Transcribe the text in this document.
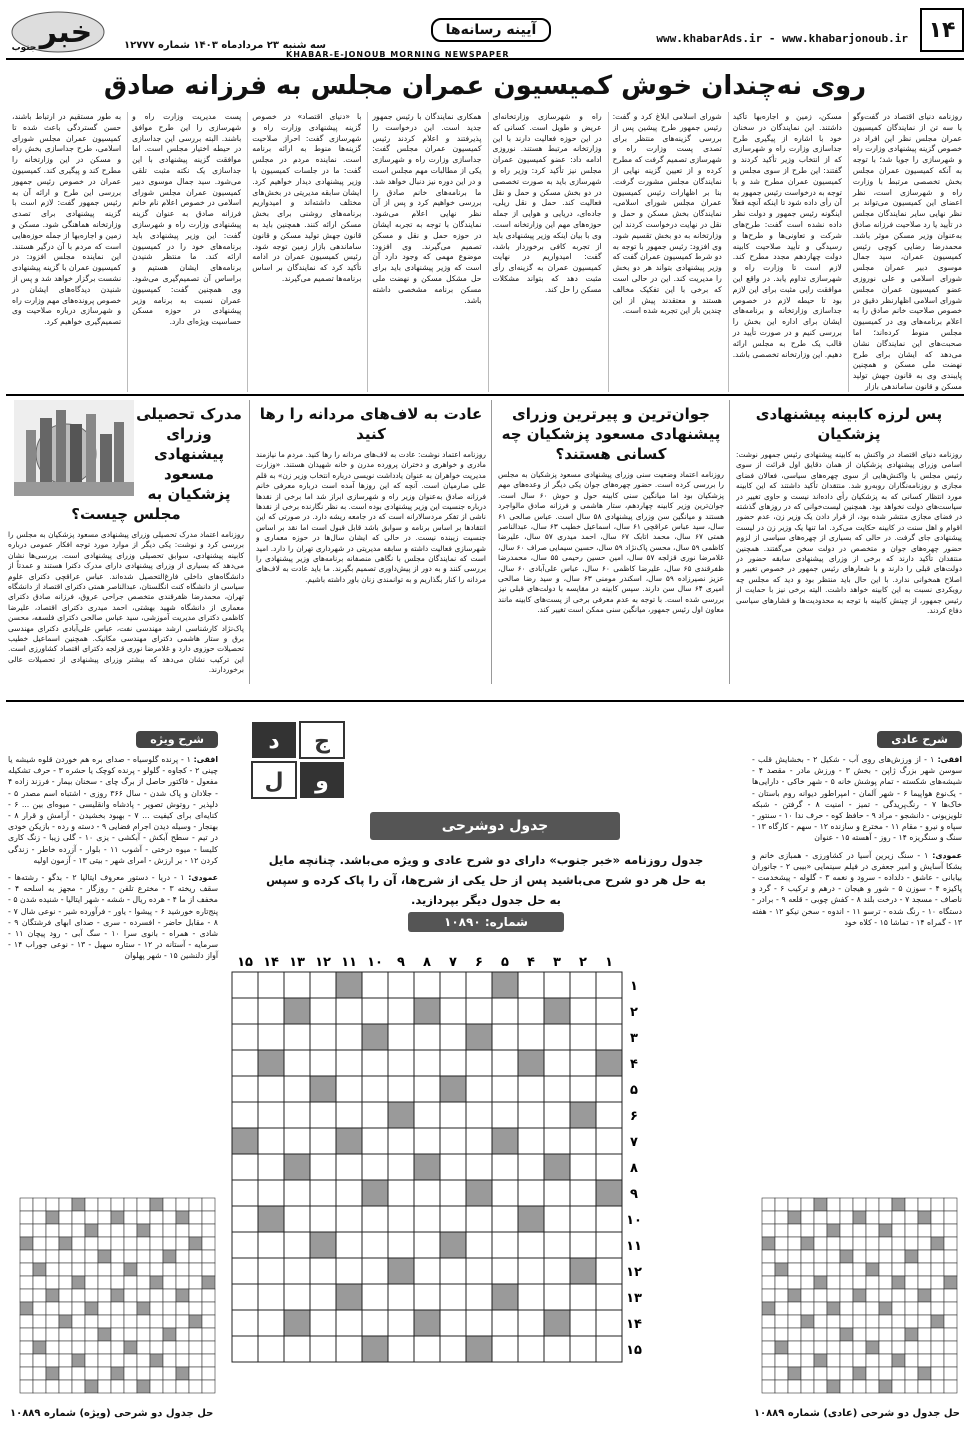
۱۴
www.khabarAds.ir - www.khabarjonoub.ir
آیینه رسانه‌ها
سه شنبه ۲۳ مردادماه ۱۴۰۳ شماره ۱۲۷۷۷
KHABAR-E-JONOUB MORNING NEWSPAPER
خبر
جنوب
روی نه‌چندان خوش کمیسیون عمران مجلس به فرزانه صادق
روزنامه دنیای اقتصاد در گفت‌وگو با سه تن از نمایندگان کمیسیون عمران مجلس نظر این افراد در خصوص گزینه پیشنهادی وزارت راه و شهرسازی را جویا شد؛ با توجه به آنکه کمیسیون عمران مجلس بخش تخصصی مرتبط با وزارت راه و شهرسازی است، نظر اعضای این کمیسیون می‌تواند بر نظر نهایی سایر نمایندگان مجلس در تأیید یا رد صلاحیت فرزانه صادق به‌عنوان وزیر مسکن موثر باشد. محمدرضا رضایی کوچی رئیس کمیسیون عمران، سید جمال موسوی دبیر عمران مجلس شورای اسلامی و علی نوروزی عضو کمیسیون عمران مجلس شورای اسلامی اظهارنظر دقیق در خصوص صلاحیت خانم صادق را به اعلام برنامه‌های وی در کمیسیون مجلس منوط کرده‌اند؛ اما صحبت‌های این نمایندگان نشان می‌دهد که ایشان برای طرح نهضت ملی مسکن و همچنین پایبندی وی به قانون جهش تولید مسکن و قانون ساماندهی بازار
مسکن، زمین و اجاره‌بها تأکید داشتند. این نمایندگان در سخنان خود با اشاره از پیگیری طرح جداسازی وزارت راه و شهرسازی که از انتخاب وزیر تأکید کردند و گفتند: این طرح از سوی مجلس و کمیسیون عمران مطرح شد و با توجه به درخواست رئیس جمهور به آن رأی داده شود تا اینکه آنچه فعلاً اینگونه رئیس جمهور و دولت نظر داده نشده است گفت: طرح‌های شرکت و تعاونی‌ها و طرح‌ها و رسیدگی و تأیید صلاحیت کابینه دولت چهاردهم مجدد مطرح کند. لازم است تا وزارت راه و شهرسازی تداوم یابد. در واقع این موافقت رایی مثبت برای این لازم بود تا حیطه لازم در خصوص جداسازی وزارتخانه و برنامه‌های ایشان برای اداره این بخش را بررسی کنیم و در صورت تأیید در قالب یک طرح به مجلس ارائه دهیم. این وزارتخانه تخصصی باشد.
شورای اسلامی ابلاغ کرد و گفت: رئیس جمهور طرح پیشین پس از بررسی گزینه‌های منتظر برای تصدی پست وزارت راه و شهرسازی تصمیم گرفت که مطرح کرده و از تعیین گزینه نهایی از نمایندگان مجلس مشورت گرفت. بنا بر اظهارات رئیس کمیسیون عمران مجلس شورای اسلامی، نمایندگان بخش مسکن و حمل و نقل در نهایت درخواست کردند این وزارتخانه به دو بخش تقسیم شود. وی افزود: رئیس جمهور با توجه به دو شرط کمیسیون عمران گفت که وزیر پیشنهادی بتواند هر دو بخش را مدیریت کند. این در حالی است که برخی با این تفکیک مخالف هستند و معتقدند پیش از این چندین بار این تجربه شده است.
راه و شهرسازی وزارتخانه‌ای عریض و طویل است. کسانی که در این حوزه فعالیت دارند با این وزارتخانه مرتبط هستند. نوروزی ادامه داد: عضو کمیسیون عمران مجلس نیز تأکید کرد: وزیر راه و شهرسازی باید به صورت تخصصی در دو بخش مسکن و حمل و نقل فعالیت کند. حمل و نقل ریلی، جاده‌ای، دریایی و هوایی از جمله حوزه‌های مهم این وزارتخانه است. وی با بیان اینکه وزیر پیشنهادی باید از تجربه کافی برخوردار باشد، گفت: امیدواریم در نهایت کمیسیون عمران به گزینه‌ای رأی مثبت دهد که بتواند مشکلات مسکن را حل کند.
همکاری نمایندگان با رئیس جمهور جدید است. این درخواست را پذیرفتند و اعلام کردند رئیس کمیسیون عمران مجلس گفت: جداسازی وزارت راه و شهرسازی یکی از مطالبات مهم مجلس است و در این دوره نیز دنبال خواهد شد. ما برنامه‌های خانم صادق را بررسی خواهیم کرد و پس از آن نظر نهایی اعلام می‌شود. نمایندگان با توجه به تجربه ایشان در حوزه حمل و نقل و مسکن تصمیم می‌گیرند. وی افزود: موضوع مهمی که وجود دارد آن است که وزیر پیشنهادی باید برای حل مشکل مسکن و نهضت ملی مسکن برنامه مشخصی داشته باشد.
با «دنیای اقتصاد» در خصوص گزینه پیشنهادی وزارت راه و شهرسازی گفت: احراز صلاحیت گزینه‌ها منوط به ارائه برنامه است. نماینده مردم در مجلس گفت: ما در جلسات کمیسیون با وزیر پیشنهادی دیدار خواهیم کرد. ایشان سابقه مدیریتی در بخش‌های مختلف داشته‌اند و امیدواریم برنامه‌های روشنی برای بخش مسکن ارائه کنند. همچنین باید به قانون جهش تولید مسکن و قانون ساماندهی بازار زمین توجه شود. رئیس کمیسیون عمران در ادامه تأکید کرد که نمایندگان بر اساس برنامه‌ها تصمیم می‌گیرند.
پست مدیریت وزارت راه و شهرسازی را این طرح موافق باشند. البته بررسی این جداسازی در حیطه اختیار مجلس است. اما موافقت گزینه پیشنهادی با این جداسازی یک نکته مثبت تلقی می‌شود. سید جمال موسوی دبیر کمیسیون عمران مجلس شورای اسلامی در خصوص اعلام نام خانم فرزانه صادق به عنوان گزینه پیشنهادی وزارت راه و شهرسازی گفت: این وزیر پیشنهادی باید برنامه‌های خود را در کمیسیون ارائه کند. ما منتظر شنیدن برنامه‌های ایشان هستیم و براساس آن تصمیم‌گیری می‌شود. وی همچنین گفت: کمیسیون عمران نسبت به برنامه وزیر پیشنهادی در حوزه مسکن حساسیت ویژه‌ای دارد.
به طور مستقیم در ارتباط باشند، حسن گستردگی باعث شده تا کمیسیون عمران مجلس شورای اسلامی، طرح جداسازی بخش راه و مسکن در این وزارتخانه را مطرح کند و پیگیری کند. کمیسیون عمران در خصوص رئیس جمهور بررسی این طرح و ارائه آن به رئیس جمهور گفت: لازم است با گزینه پیشنهادی برای تصدی وزارتخانه هماهنگی شود. مسکن و زمین و اجاره‌بها از جمله حوزه‌هایی است که مردم با آن درگیر هستند. این نماینده مجلس افزود: در کمیسیون عمران با گزینه پیشنهادی نشست برگزار خواهد شد و پس از شنیدن دیدگاه‌های ایشان در خصوص پرونده‌های مهم وزارت راه و شهرسازی درباره صلاحیت وی تصمیم‌گیری خواهیم کرد.
پس لرزه کابینه پیشنهادی پزشکیان

روزنامه دنیای اقتصاد در واکنش به کابینه پیشنهادی رئیس جمهور نوشت: اسامی وزرای پیشنهادی پزشکیان از همان دقایق اول قرائت از سوی رئیس مجلس با واکنش‌هایی از سوی چهره‌های سیاسی، فعالان فضای مجازی و روزنامه‌نگاران روبه‌رو شد. منتقدان تأکید داشتند که این کابینه مورد انتظار کسانی که به پزشکیان رأی داده‌اند نیست و حاوی تغییر در سیاست‌های دولت نخواهد بود. همچنین لیست‌خوانی که در روزهای گذشته در فضای مجازی منتشر شده بود، از قرار دادن یک وزیر زن، عدم حضور اقوام و اهل سنت در کابینه حکایت می‌کرد. اما تنها یک وزیر زن در لیست پیشنهادی جای گرفت. در حالی که بسیاری از چهره‌های سیاسی از لزوم حضور چهره‌های جوان و متخصص در دولت سخن می‌گفتند. همچنین منتقدان تأکید دارند که برخی از وزرای پیشنهادی سابقه حضور در دولت‌های قبلی را دارند و با شعارهای رئیس جمهور در خصوص تغییر و اصلاح همخوانی ندارد. با این حال باید منتظر بود و دید که مجلس چه رویکردی نسبت به این کابینه خواهد داشت. الیته برخی نیز با حمایت از رئیس جمهور، از چینش کابینه با توجه به محدودیت‌ها و فشارهای سیاسی دفاع کردند.

جوان‌ترین و پیرترین وزرای پیشنهادی مسعود پزشکیان چه کسانی هستند؟

روزنامه اعتماد وضعیت سنی وزرای پیشنهادی مسعود پزشکیان به مجلس را بررسی کرده است. حضور چهره‌های جوان یکی دیگر از وعده‌های مهم پزشکیان بود اما میانگین سنی کابینه حول و حوش ۶۰ سال است. جوان‌ترین وزیر کابینه چهاردهم، ستار هاشمی و فرزانه صادق مالواجرد هستند و میانگین سن وزرای پیشنهادی ۵۸ سال است. عباس صالحی ۶۱ سال، سید عباس عراقچی ۶۱ سال، اسماعیل خطیب ۶۳ سال، عبدالناصر همتی ۶۷ سال، محمد اتابک ۶۷ سال، احمد میدری ۵۷ سال، علیرضا کاظمی ۵۹ سال، محسن پاک‌نژاد ۵۹ سال، حسین سیمایی صراف ۶۰ سال، غلامرضا نوری قزلجه ۵۷ سال، امین حسین رحیمی ۵۵ سال، محمدرضا ظفرقندی ۶۵ سال، علیرضا کاظمی ۶۰ سال، عباس علی‌آبادی ۶۰ سال، عزیز نصیرزاده ۵۹ سال، اسکندر مومنی ۶۳ سال، و سید رضا صالحی امیری ۶۴ سال سن دارند. سپس کابینه در مقایسه با دولت‌های قبلی نیز بررسی شده است. با توجه به عدم معرفی برخی از پست‌های کابینه مانند معاون اول رئیس جمهور، میانگین سنی ممکن است تغییر کند.

عادت به لاف‌های مردانه را رها کنید

روزنامه اعتماد نوشت: عادت به لاف‌های مردانه را رها کنید. مردم ما نیازمند مادری و خواهری و دختران پرورده مدرن و خانه شهیدان هستند. «وزارت مدیریت خواهران به عنوان یادداشت نویسی درباره انتخاب وزیر زن» به قلم علی صارمیان است. آنچه که این روزها آمده است درباره معرفی خانم فرزانه صادق به‌عنوان وزیر راه و شهرسازی ابراز شد اما برخی از نقدها درباره جنسیت این وزیر پیشنهادی بوده است. به نظر نگارنده برخی از نقدها ناشی از تفکر مردسالارانه است که در جامعه ریشه دارد. در صورتی که این انتقادها بر اساس برنامه و سوابق باشد قابل قبول است اما نقد بر اساس جنسیت زیبنده نیست. در حالی که ایشان سال‌ها در حوزه معماری و شهرسازی فعالیت داشته و سابقه مدیریتی در شهرداری تهران را دارد. امید است که نمایندگان مجلس با نگاهی منصفانه برنامه‌های وزیر پیشنهادی را بررسی کنند و به دور از پیش‌داوری تصمیم بگیرند. ما باید عادت به لاف‌های مردانه را کنار بگذاریم و به توانمندی زنان باور داشته باشیم.

مدرک تحصیلی وزرای پیشنهادی مسعود پزشکیان به مجلس چیست؟

روزنامه اعتماد مدرک تحصیلی وزرای پیشنهادی مسعود پزشکیان به مجلس را بررسی کرد و نوشت: یکی دیگر از موارد مورد توجه افکار عمومی درباره کابینه پیشنهادی، سوابق تحصیلی وزرای پیشنهادی است. بررسی‌ها نشان می‌دهد که بسیاری از وزرای پیشنهادی دارای مدرک دکترا هستند و عمدتاً از دانشگاه‌های داخلی فارغ‌التحصیل شده‌اند. عباس عراقچی دکترای علوم سیاسی از دانشگاه کنت انگلستان، عبدالناصر همتی دکترای اقتصاد از دانشگاه تهران، محمدرضا ظفرقندی متخصص جراحی عروق، فرزانه صادق دکترای معماری از دانشگاه شهید بهشتی، احمد میدری دکترای اقتصاد، علیرضا کاظمی دکترای مدیریت آموزشی، سید عباس صالحی دکترای فلسفه، محسن پاک‌نژاد کارشناسی ارشد مهندسی نفت، عباس علی‌آبادی دکترای مهندسی برق و ستار هاشمی دکترای مهندسی مکانیک. همچنین اسماعیل خطیب تحصیلات حوزوی دارد و غلامرضا نوری قزلجه دکترای اقتصاد کشاورزی است. این ترکیب نشان می‌دهد که بیشتر وزرای پیشنهادی از تحصیلات عالی برخوردارند.

شرح عادی
افقی: ۱ - از ورزش‌های روی آب - شکیل ۲ - بخشایش قلب - سوسن شهر بزرگ ژاپن - بخش ۳ - ورزش مادر - مقصد ۴ - شیشه‌های شکسته - تمام پوشش خانه ۵ - شهر خاکی - دارایی‌ها - یک‌نوع هواپیما ۶ - شهر آلمان - امپراطور دیوانه روم باستان - خاک‌ها ۷ - رنگ‌پریدگی - تمیز - امنیت ۸ - گرفتن - شبکه تلویزیونی - دانشجو - مراد ۹ - حافظ کوه - حرف ندا ۱۰ - سنتور - سپاه و نیرو - مقام ۱۱ - مخترع و سازنده ۱۲ - سهم - کارگاه ۱۳ - سنگ و سنگریزه ۱۴ - روز - آهسته ۱۵ - عنوان
عمودی: ۱ - سنگ زیرین آسیا در کشاورزی - همبازی خانم و بشکا آسایش و امیر جعفری در فیلم سینمایی «بیبی ۲ - جانوران بیابانی - عاشق - دلداده - سرود و نغمه ۳ - گلوله - پیشخدمت - پاکیزه ۴ - سوزن ۵ - شور و هیجان - درهم و ترکیب ۶ - گرد و ناصاف - مسجد ۷ - درخت بلند ۸ - کفش چوبی - قلعه ۹ - برادر - دستگاه ۱۰ - رنگ شده - ترسو ۱۱ - اندوه - سخن نیکو ۱۲ - هفته ۱۳ - گمراه ۱۴ - تماشا ۱۵ - کلاه خود
شرح ویژه
افقی: ۱ - پرنده گلوسیاه - صدای بره هم خوردن قلوه شیشه یا چینی ۲ - کجاوه - گلولو - پرنده کوچک یا حشره ۳ - حرف تشکیله مفعول - فاکتور حاصل از برگ چای - سخنان بیمار - فرزند زاده ۴ - جلادان و پاک شدن - سال ۳۶۶ روزی - اشتباه اسم مصدر ۵ - دلپذیر - روتوش تصویر - پادشاه وانقلیسی - میوه‌ای بین ... ۶ - کنایه‌ای برای کیفیت ... ۷ - بهبود بخشیدن - آرامش و قرار ۸ - بهنجار - وسیله دیدن اجرام فضایی ۹ - دسته و رده - بازیکن خودی در تیم - سطح آبکش - آبکشی - یزی ۱۰ - گلی زیبا - زنگ کاری کلیسا - میوه درختی - آشوب ۱۱ - بلوار - آزرده خاطر - زندگی کردن ۱۲ - بر ارزش - امرای شهر - بیتی ۱۳ - آزمون اولیه
عمودی: ۱ - دریا - دستور معروف ایتالیا ۲ - بدگو - رشته‌ها - سقف ریخته ۳ - مخترع تلفن - روزگار - مجهز به اسلحه ۴ - مخفف از ما ۴ - هرده ریال - ششه - شهر ایتالیا - شنیده شدن ۵ - پنج‌تاره خورشید ۶ - پیشوا - یاور - فرآورده شیر - نوعی شال ۷ - ۸ - مقابل حاضر - افسرده - سری - صدای ابهای فرشتگان ۹ - شادی - همراه - بانوی سرا ۱۰ - سگ آبی - رود پیچان ۱۱ - سرمایه - آستانه در ۱۲ - ستاره سهیل - ۱۳ - نوعی جوراب ۱۴ - آواز دلنشین ۱۵ - شهر پهلوان
ج
د
و
ل
جدول دوشرحی
جدول روزنامه «خبر جنوب» دارای دو شرح عادی و ویژه می‌باشد. چنانچه مایل به حل هر دو شرح می‌باشید پس از حل یکی از شرح‌ها، آن را پاک کرده و سپس به حل جدول دیگر بپردازید.
شماره: ۱۰۸۹۰
۱
۲
۳
۴
۵
۶
۷
۸
۹
۱۰
۱۱
۱۲
۱۳
۱۴
۱۵
۱
۲
۳
۴
۵
۶
۷
۸
۹
۱۰
۱۱
۱۲
۱۳
۱۴
۱۵
حل جدول دو شرحی (ویژه) شماره ۱۰۸۸۹	حل جدول دو شرحی (عادی) شماره ۱۰۸۸۹
